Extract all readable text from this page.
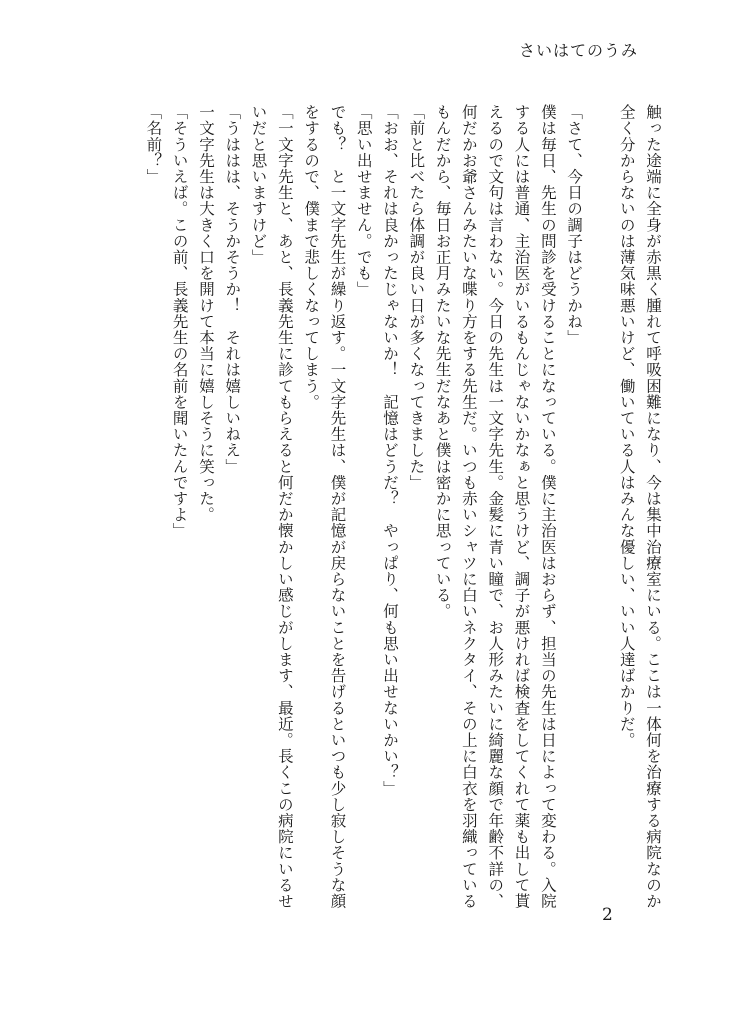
さいはてのうみ

触った途端に全身が赤黒く腫れて呼吸困難になり、今は集中治療室にいる。ここは一体何を治療する病院なのか

全く分からないのは薄気味悪いけど、働いている人はみんな優しい、いい人達ばかりだ。

「さて、今日の調子はどうかね」

僕は毎日、先生の問診を受けることになっている。僕に主治医はおらず、担当の先生は日によって変わる。入院

する人には普通、主治医がいるもんじゃないかなぁと思うけど、調子が悪ければ検査をしてくれて薬も出して貰

えるので文句は言わない。今日の先生は一文字先生。金髪に青い瞳で、お人形みたいに綺麗な顔で年齢不詳の、

何だかお爺さんみたいな喋り方をする先生だ。いつも赤いシャツに白いネクタイ、その上に白衣を羽織っている

もんだから、毎日お正月みたいな先生だなあと僕は密かに思っている。

「前と比べたら体調が良い日が多くなってきました」

「おお、それは良かったじゃないか！　記憶はどうだ？　やっぱり、何も思い出せないかい？」

「思い出せません。でも」

でも？　と一文字先生が繰り返す。一文字先生は、僕が記憶が戻らないことを告げるといつも少し寂しそうな顔

をするので、僕まで悲しくなってしまう。

「一文字先生と、あと、長義先生に診てもらえると何だか懐かしい感じがします、最近。長くこの病院にいるせ

いだと思いますけど」

「うははは、そうかそうか！　それは嬉しいねえ」

一文字先生は大きく口を開けて本当に嬉しそうに笑った。

「そういえば。この前、長義先生の名前を聞いたんですよ」

「名前？」

2
